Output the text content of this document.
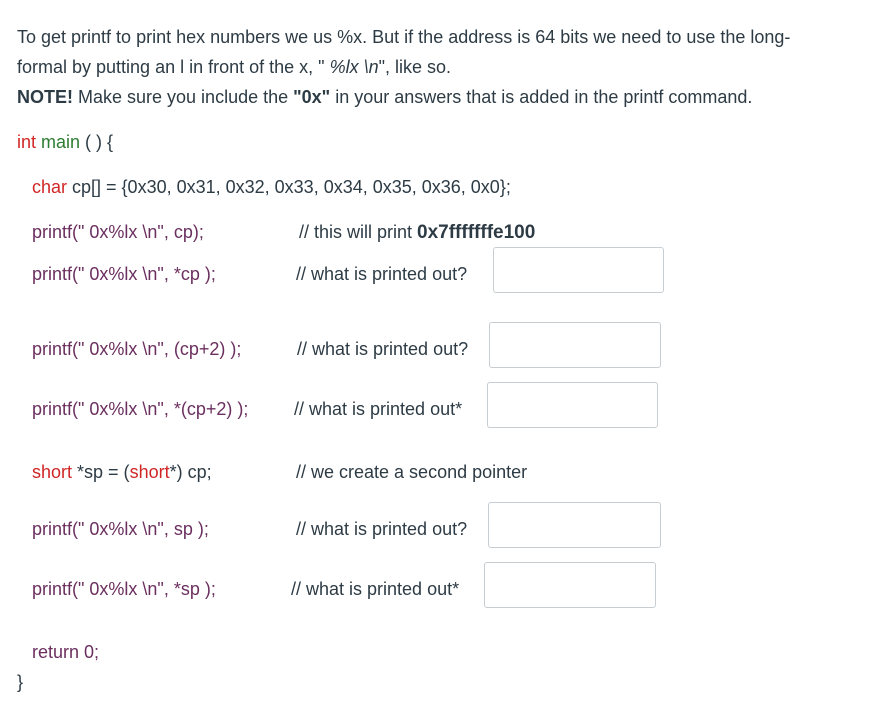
To get printf to print hex numbers we us %x. But if the address is 64 bits we need to use the long-
formal by putting an l in front of the x, " %lx \n", like so.
NOTE! Make sure you include the "0x" in your answers that is added in the printf command.
int main ( ) {
char cp[] = {0x30, 0x31, 0x32, 0x33, 0x34, 0x35, 0x36, 0x0};
printf(" 0x%lx \n", cp);	// this will print 0x7fffffffe100
printf(" 0x%lx \n", *cp );	// what is printed out?
printf(" 0x%lx \n", (cp+2) );	// what is printed out?
printf(" 0x%lx \n", *(cp+2) );	// what is printed out*
short *sp = (short*) cp;	// we create a second pointer
printf(" 0x%lx \n", sp );	// what is printed out?
printf(" 0x%lx \n", *sp );	// what is printed out*
return 0;
}
